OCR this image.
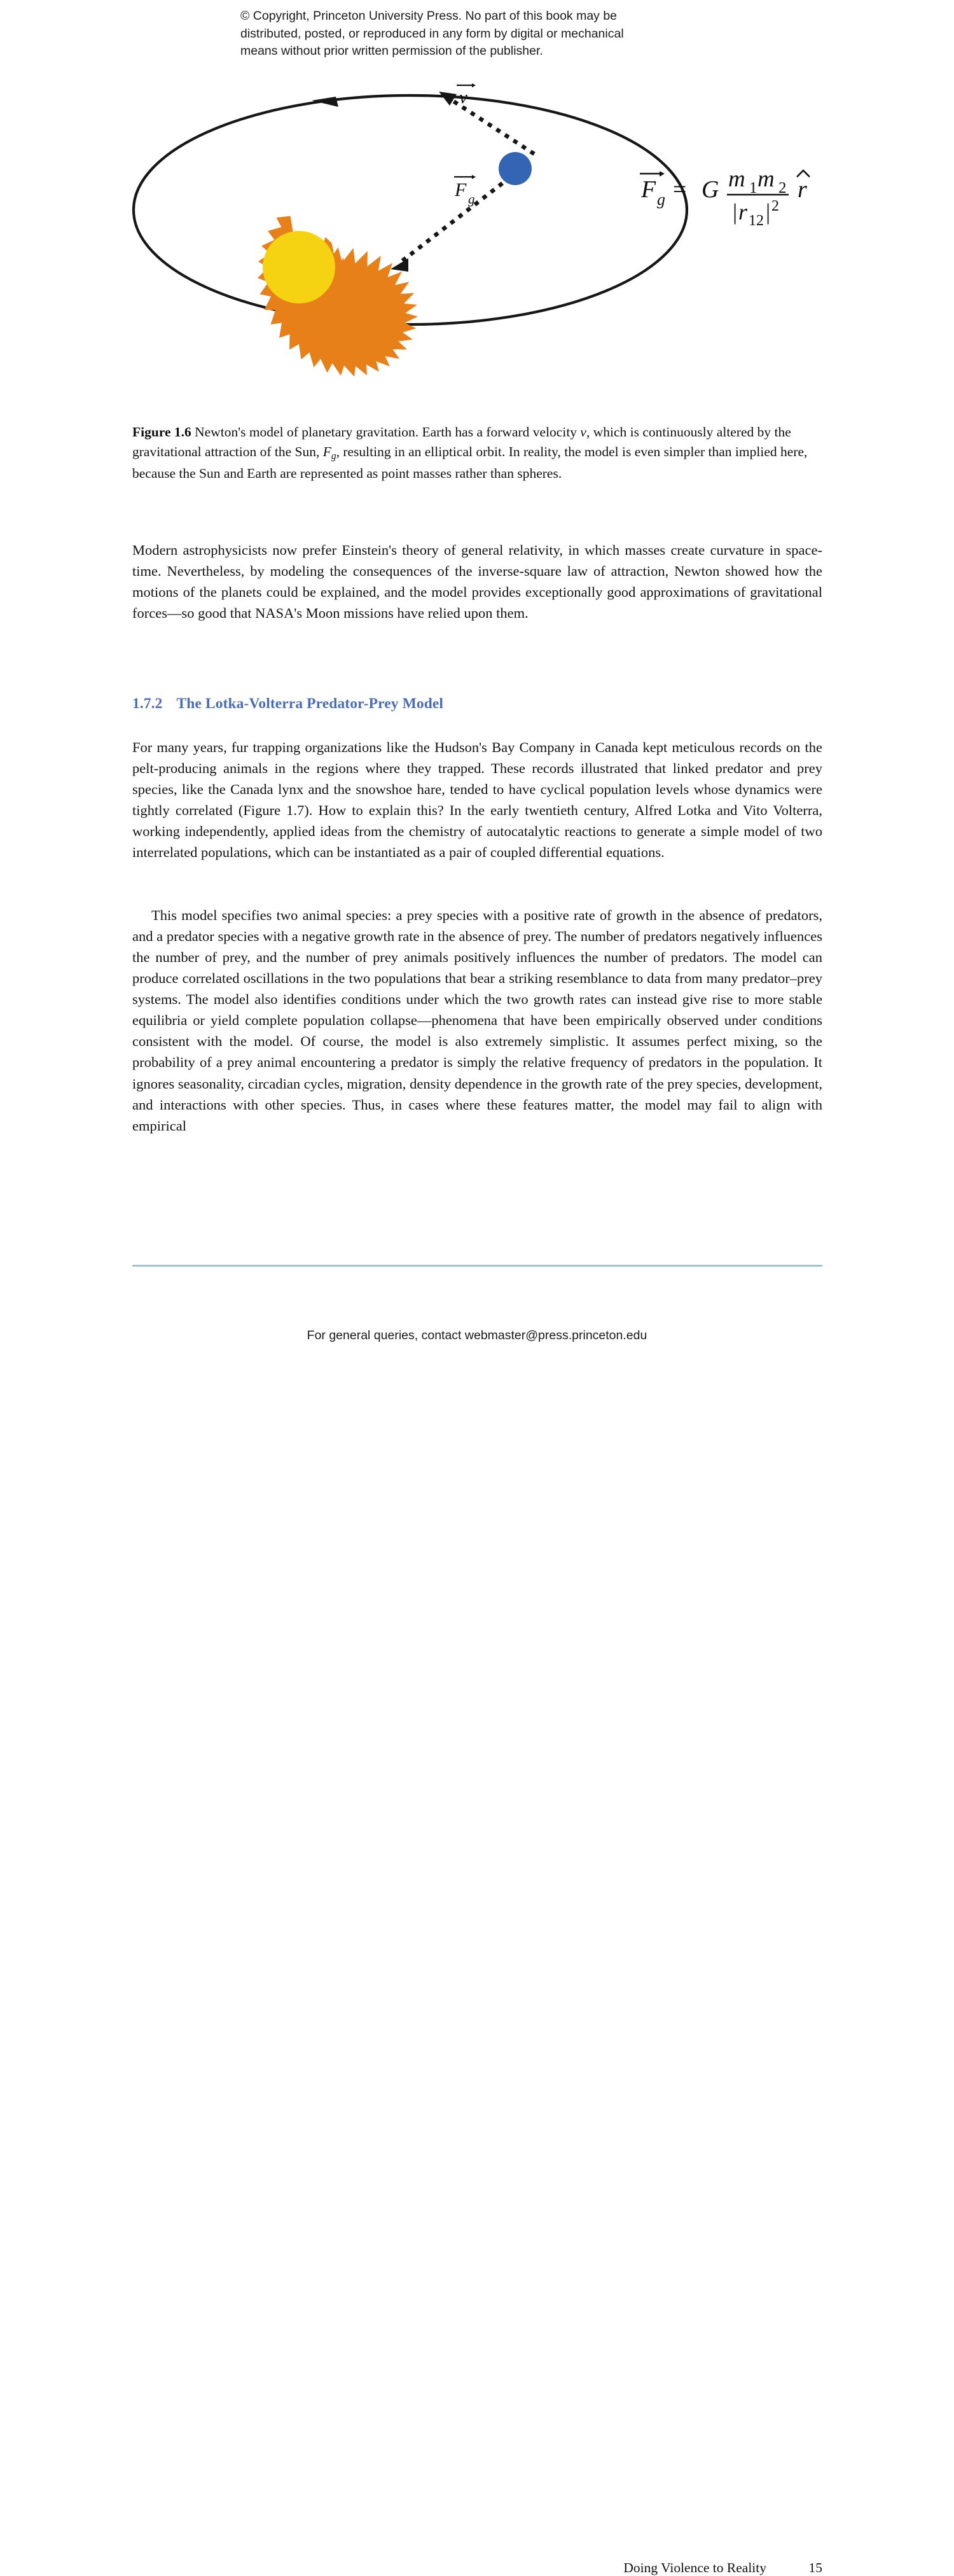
© Copyright, Princeton University Press. No part of this book may be
distributed, posted, or reproduced in any form by digital or mechanical
means without prior written permission of the publisher.
v
F g	F g = G m 1 m 2
| r 12 | 2
r
Figure 1.6 Newton's model of planetary gravitation. Earth has a forward velocity v, which is continuously altered by the gravitational attraction of the Sun, $F_g$, resulting in an elliptical orbit. In reality, the model is even simpler than implied here, because the Sun and Earth are represented as point masses rather than spheres.
Modern astrophysicists now prefer Einstein's theory of general relativity, in which masses create curvature in space-time. Nevertheless, by modeling the consequences of the inverse-square law of attraction, Newton showed how the motions of the planets could be explained, and the model provides exceptionally good approximations of gravitational forces—so good that NASA's Moon missions have relied upon them.
1.7.2 The Lotka-Volterra Predator-Prey Model
For many years, fur trapping organizations like the Hudson's Bay Company in Canada kept meticulous records on the pelt-producing animals in the regions where they trapped. These records illustrated that linked predator and prey species, like the Canada lynx and the snowshoe hare, tended to have cyclical population levels whose dynamics were tightly correlated (Figure 1.7). How to explain this? In the early twentieth century, Alfred Lotka and Vito Volterra, working independently, applied ideas from the chemistry of autocatalytic reactions to generate a simple model of two interrelated populations, which can be instantiated as a pair of coupled differential equations.
This model specifies two animal species: a prey species with a positive rate of growth in the absence of predators, and a predator species with a negative growth rate in the absence of prey. The number of predators negatively influences the number of prey, and the number of prey animals positively influences the number of predators. The model can produce correlated oscillations in the two populations that bear a striking resemblance to data from many predator–prey systems. The model also identifies conditions under which the two growth rates can instead give rise to more stable equilibria or yield complete population collapse—phenomena that have been empirically observed under conditions consistent with the model. Of course, the model is also extremely simplistic. It assumes perfect mixing, so the probability of a prey animal encountering a predator is simply the relative frequency of predators in the population. It ignores seasonality, circadian cycles, migration, density dependence in the growth rate of the prey species, development, and interactions with other species. Thus, in cases where these features matter, the model may fail to align with empirical
Doing Violence to Reality	15
For general queries, contact webmaster@press.princeton.edu
